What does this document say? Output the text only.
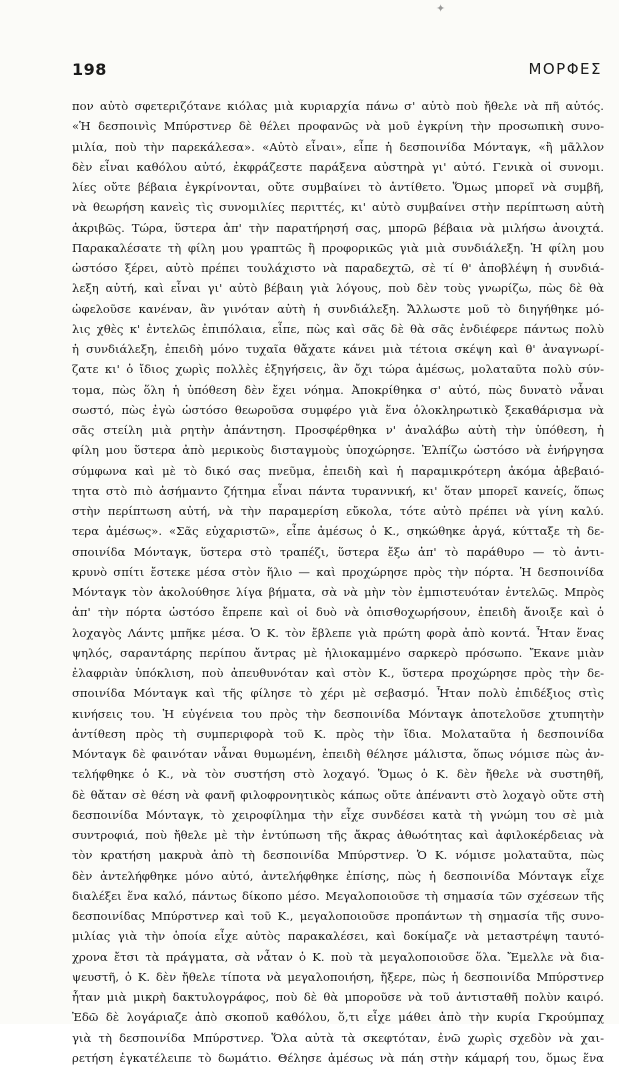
✦
198	ΜΟΡΦΕΣ
πον αὐτὸ σφετεριζότανε κιόλας μιὰ κυριαρχία πάνω σ' αὐτὸ ποὺ ἤθελε νὰ πῆ αὐτός.
«Ἡ δεσποινὶς Μπύρστνερ δὲ θέλει προφανῶς νὰ μοῦ ἐγκρίνη τὴν προσωπικὴ συνο-
μιλία, ποὺ τὴν παρεκάλεσα». «Αὐτὸ εἶναι», εἶπε ἡ δεσποινίδα Μόνταγκ, «ἢ μᾶλλον
δὲν εἶναι καθόλου αὐτό, ἐκφράζεστε παράξενα αὐστηρὰ γι' αὐτό. Γενικὰ οἱ συνομι.
λίες οὔτε βέβαια ἐγκρίνονται, οὔτε συμβαίνει τὸ ἀντίθετο. Ὅμως μπορεῖ νὰ συμβῆ,
νὰ θεωρήση κανεὶς τὶς συνομιλίες περιττές, κι' αὐτὸ συμβαίνει στὴν περίπτωση αὐτὴ
ἀκριβῶς. Τώρα, ὕστερα ἀπ' τὴν παρατήρησή σας, μπορῶ βέβαια νὰ μιλήσω ἀνοιχτά.
Παρακαλέσατε τὴ φίλη μου γραπτῶς ἢ προφορικῶς γιὰ μιὰ συνδιάλεξη. Ἡ φίλη μου
ὡστόσο ξέρει, αὐτὸ πρέπει τουλάχιστο νὰ παραδεχτῶ, σὲ τί θ' ἀποβλέψη ἡ συνδιά-
λεξη αὐτή, καὶ εἶναι γι' αὐτὸ βέβαιη γιὰ λόγους, ποὺ δὲν τοὺς γνωρίζω, πὼς δὲ θὰ
ὠφελοῦσε κανέναν, ἂν γινόταν αὐτὴ ἡ συνδιάλεξη. Ἄλλωστε μοῦ τὸ διηγήθηκε μό-
λις χθὲς κ' ἐντελῶς ἐπιπόλαια, εἶπε, πὼς καὶ σᾶς δὲ θὰ σᾶς ἐνδιέφερε πάντως πολὺ
ἡ συνδιάλεξη, ἐπειδὴ μόνο τυχαῖα θἄχατε κάνει μιὰ τέτοια σκέψη καὶ θ' ἀναγνωρί-
ζατε κι' ὁ ἴδιος χωρὶς πολλὲς ἐξηγήσεις, ἂν ὄχι τώρα ἀμέσως, μολαταῦτα πολὺ σύν-
τομα, πὼς ὅλη ἡ ὑπόθεση δὲν ἔχει νόημα. Ἀποκρίθηκα σ' αὐτό, πὼς δυνατὸ νἆναι
σωστό, πὼς ἐγὼ ὡστόσο θεωροῦσα συμφέρο γιὰ ἕνα ὁλοκληρωτικὸ ξεκαθάρισμα νὰ
σᾶς στείλη μιὰ ρητὴν ἀπάντηση. Προσφέρθηκα ν' ἀναλάβω αὐτὴ τὴν ὑπόθεση, ἡ
φίλη μου ὕστερα ἀπὸ μερικοὺς δισταγμοὺς ὑποχώρησε. Ἐλπίζω ὡστόσο νὰ ἐνήργησα
σύμφωνα καὶ μὲ τὸ δικό σας πνεῦμα, ἐπειδὴ καὶ ἡ παραμικρότερη ἀκόμα ἀβεβαιό-
τητα στὸ πιὸ ἀσήμαντο ζήτημα εἶναι πάντα τυραννική, κι' ὅταν μπορεῖ κανείς, ὅπως
στὴν περίπτωση αὐτή, νὰ τὴν παραμερίση εὔκολα, τότε αὐτὸ πρέπει νὰ γίνη καλύ.
τερα ἀμέσως». «Σᾶς εὐχαριστῶ», εἶπε ἀμέσως ὁ Κ., σηκώθηκε ἀργά, κύτταξε τὴ δε-
σποινίδα Μόνταγκ, ὕστερα στὸ τραπέζι, ὕστερα ἔξω ἀπ' τὸ παράθυρο — τὸ ἀντι-
κρυνὸ σπίτι ἔστεκε μέσα στὸν ἥλιο — καὶ προχώρησε πρὸς τὴν πόρτα. Ἡ δεσποινίδα
Μόνταγκ τὸν ἀκολούθησε λίγα βήματα, σὰ νὰ μὴν τὸν ἐμπιστευόταν ἐντελῶς. Μπρὸς
ἀπ' τὴν πόρτα ὡστόσο ἔπρεπε καὶ οἱ δυὸ νὰ ὀπισθοχωρήσουν, ἐπειδὴ ἄνοιξε καὶ ὁ
λοχαγὸς Λάντς μπῆκε μέσα. Ὁ Κ. τὸν ἔβλεπε γιὰ πρώτη φορὰ ἀπὸ κοντά. Ἦταν ἕνας
ψηλός, σαραντάρης περίπου ἄντρας μὲ ἡλιοκαμμένο σαρκερὸ πρόσωπο. Ἔκανε μιὰν
ἐλαφριὰν ὑπόκλιση, ποὺ ἀπευθυνόταν καὶ στὸν Κ., ὕστερα προχώρησε πρὸς τὴν δε-
σποινίδα Μόνταγκ καὶ τῆς φίλησε τὸ χέρι μὲ σεβασμό. Ἦταν πολὺ ἐπιδέξιος στὶς
κινήσεις του. Ἡ εὐγένεια του πρὸς τὴν δεσποινίδα Μόνταγκ ἀποτελοῦσε χτυπητὴν
ἀντίθεση πρὸς τὴ συμπεριφορὰ τοῦ Κ. πρὸς τὴν ἴδια. Μολαταῦτα ἡ δεσποινίδα
Μόνταγκ δὲ φαινόταν νἆναι θυμωμένη, ἐπειδὴ θέλησε μάλιστα, ὅπως νόμισε πὼς ἀν-
τελήφθηκε ὁ Κ., νὰ τὸν συστήση στὸ λοχαγό. Ὅμως ὁ Κ. δὲν ἤθελε νὰ συστηθῆ,
δὲ θἄταν σὲ θέση νὰ φανῆ φιλοφρονητικὸς κάπως οὔτε ἀπέναντι στὸ λοχαγὸ οὔτε στὴ
δεσποινίδα Μόνταγκ, τὸ χειροφίλημα τὴν εἶχε συνδέσει κατὰ τὴ γνώμη του σὲ μιὰ
συντροφιά, ποὺ ἤθελε μὲ τὴν ἐντύπωση τῆς ἄκρας ἀθωότητας καὶ ἀφιλοκέρδειας νὰ
τὸν κρατήση μακρυὰ ἀπὸ τὴ δεσποινίδα Μπύρστνερ. Ὁ Κ. νόμισε μολαταῦτα, πὼς
δὲν ἀντελήφθηκε μόνο αὐτό, ἀντελήφθηκε ἐπίσης, πὼς ἡ δεσποινίδα Μόνταγκ εἶχε
διαλέξει ἕνα καλό, πάντως δίκοπο μέσο. Μεγαλοποιοῦσε τὴ σημασία τῶν σχέσεων τῆς
δεσποινίδας Μπύρστνερ καὶ τοῦ Κ., μεγαλοποιοῦσε προπάντων τὴ σημασία τῆς συνο-
μιλίας γιὰ τὴν ὁποία εἶχε αὐτὸς παρακαλέσει, καὶ δοκίμαζε νὰ μεταστρέψη ταυτό-
χρονα ἔτσι τὰ πράγματα, σὰ νἆταν ὁ Κ. ποὺ τὰ μεγαλοποιοῦσε ὅλα. Ἔμελλε νὰ δια-
ψευστῆ, ὁ Κ. δὲν ἤθελε τίποτα νὰ μεγαλοποιήση, ἤξερε, πὼς ἡ δεσποινίδα Μπύρστνερ
ἦταν μιὰ μικρὴ δακτυλογράφος, ποὺ δὲ θὰ μποροῦσε νὰ τοῦ ἀντισταθῆ πολὺν καιρό.
Ἐδῶ δὲ λογάριαζε ἀπὸ σκοποῦ καθόλου, ὅ,τι εἶχε μάθει ἀπὸ τὴν κυρία Γκρούμπαχ
γιὰ τὴ δεσποινίδα Μπύρστνερ. Ὅλα αὐτὰ τὰ σκεφτόταν, ἐνῶ χωρὶς σχεδὸν νὰ χαι-
ρετήση ἐγκατέλειπε τὸ δωμάτιο. Θέλησε ἀμέσως νὰ πάη στὴν κάμαρή του, ὅμως ἕνα
